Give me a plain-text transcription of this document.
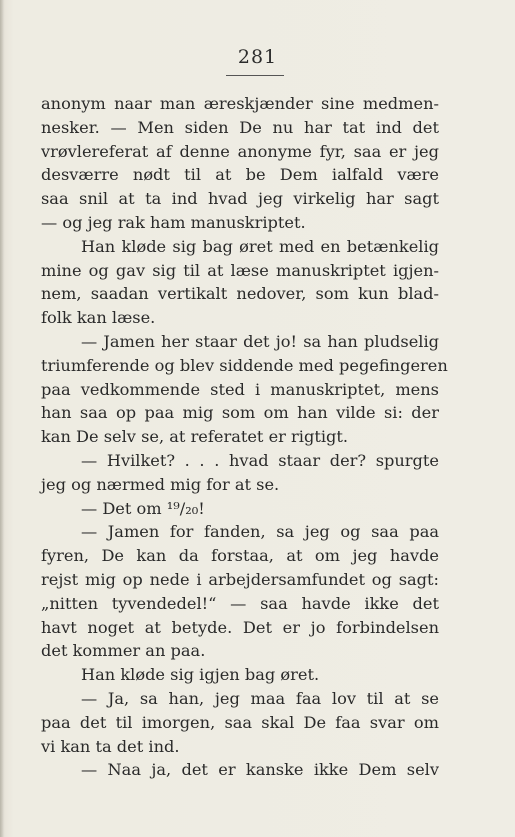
281
anonym naar man æreskjænder sine medmen-
nesker. — Men siden De nu har tat ind det
vrøvlereferat af denne anonyme fyr, saa er jeg
desværre nødt til at be Dem ialfald være
saa snil at ta ind hvad jeg virkelig har sagt
— og jeg rak ham manuskriptet.
Han kløde sig bag øret med en betænkelig
mine og gav sig til at læse manuskriptet igjen-
nem, saadan vertikalt nedover, som kun blad-
folk kan læse.
— Jamen her staar det jo! sa han pludselig
triumferende og blev siddende med pegefingeren
paa vedkommende sted i manuskriptet, mens
han saa op paa mig som om han vilde si: der
kan De selv se, at referatet er rigtigt.
— Hvilket? . . . hvad staar der? spurgte
jeg og nærmed mig for at se.
— Det om ¹⁹/₂₀!
— Jamen for fanden, sa jeg og saa paa
fyren, De kan da forstaa, at om jeg havde
rejst mig op nede i arbejdersamfundet og sagt:
„nitten tyvendedel!“ — saa havde ikke det
havt noget at betyde. Det er jo forbindelsen
det kommer an paa.
Han kløde sig igjen bag øret.
— Ja, sa han, jeg maa faa lov til at se
paa det til imorgen, saa skal De faa svar om
vi kan ta det ind.
— Naa ja, det er kanske ikke Dem selv
